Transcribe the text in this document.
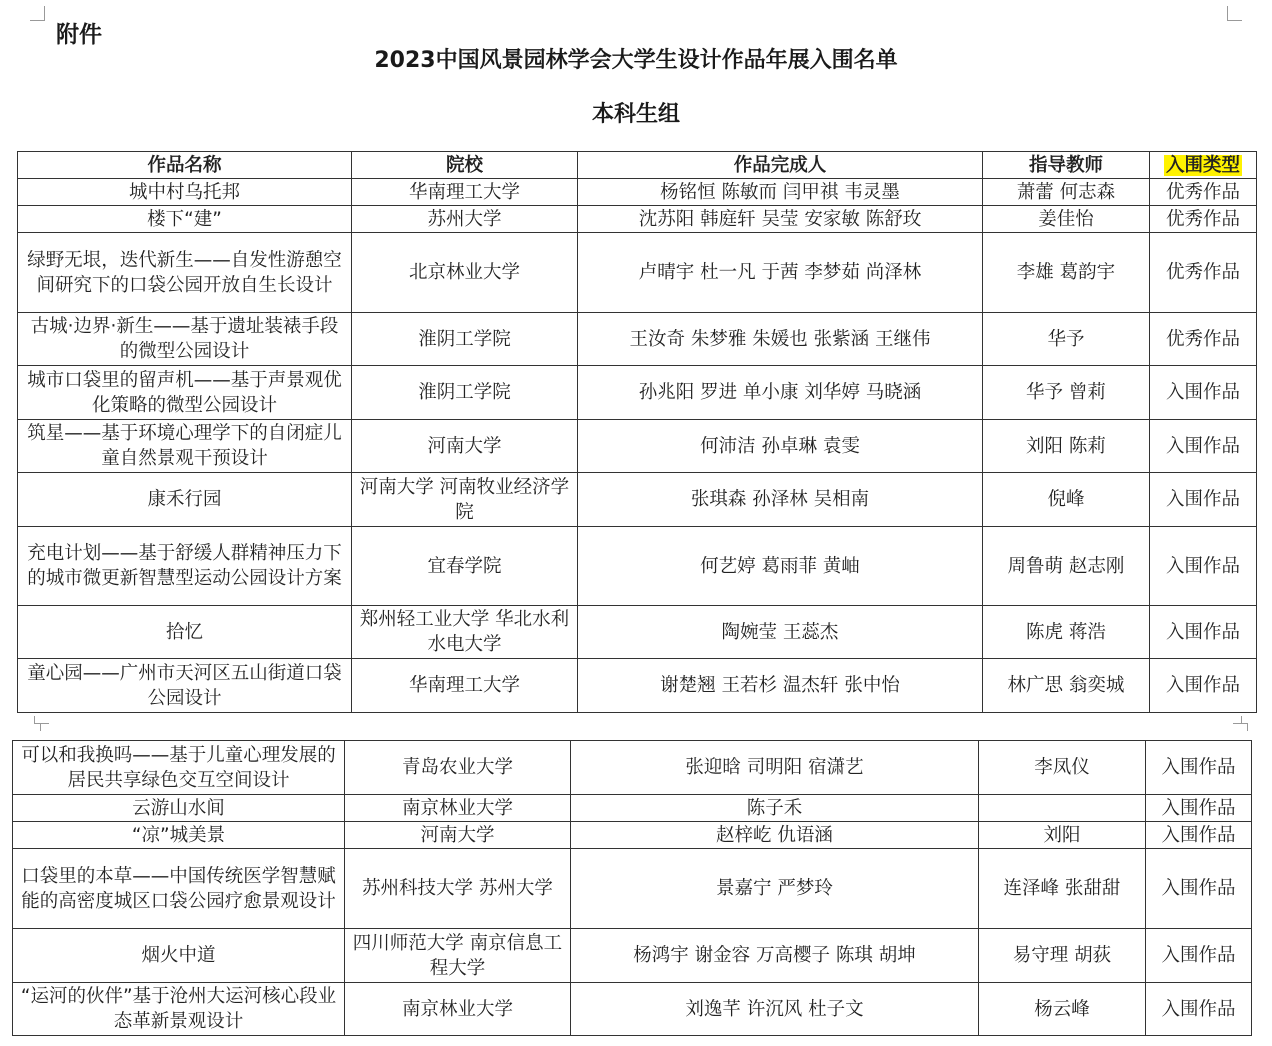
附件
2023中国风景园林学会大学生设计作品年展入围名单
本科生组
作品名称	院校	作品完成人	指导教师	入围类型
城中村乌托邦	华南理工大学	杨铭恒 陈敏而 闫甲祺 韦灵墨	萧蕾 何志森	优秀作品
楼下“建”	苏州大学	沈苏阳 韩庭轩 吴莹 安家敏 陈舒玫	姜佳怡	优秀作品
绿野无垠，迭代新生——自发性游憩空间研究下的口袋公园开放自生长设计	北京林业大学	卢晴宇 杜一凡 于茜 李梦茹 尚泽林	李雄 葛韵宇	优秀作品
古城·边界·新生——基于遗址装裱手段的微型公园设计	淮阴工学院	王汝奇 朱梦雅 朱媛也 张紫涵 王继伟	华予	优秀作品
城市口袋里的留声机——基于声景观优化策略的微型公园设计	淮阴工学院	孙兆阳 罗进 单小康 刘华婷 马晓涵	华予 曾莉	入围作品
筑星——基于环境心理学下的自闭症儿童自然景观干预设计	河南大学	何沛洁 孙卓琳 袁雯	刘阳 陈莉	入围作品
康禾行园	河南大学 河南牧业经济学院	张琪森 孙泽林 吴相南	倪峰	入围作品
充电计划——基于舒缓人群精神压力下的城市微更新智慧型运动公园设计方案	宜春学院	何艺婷 葛雨菲 黄岫	周鲁萌 赵志刚	入围作品
拾忆	郑州轻工业大学 华北水利水电大学	陶婉莹 王蕊杰	陈虎 蒋浩	入围作品
童心园——广州市天河区五山街道口袋公园设计	华南理工大学	谢楚翘 王若杉 温杰轩 张中怡	林广思 翁奕城	入围作品
可以和我换吗——基于儿童心理发展的居民共享绿色交互空间设计	青岛农业大学	张迎晗 司明阳 宿潇艺	李凤仪	入围作品
云游山水间	南京林业大学	陈子禾		入围作品
“凉”城美景	河南大学	赵梓屹 仇语涵	刘阳	入围作品
口袋里的本草——中国传统医学智慧赋能的高密度城区口袋公园疗愈景观设计	苏州科技大学 苏州大学	景嘉宁 严梦玲	连泽峰 张甜甜	入围作品
烟火中道	四川师范大学 南京信息工程大学	杨鸿宇 谢金容 万高樱子 陈琪 胡坤	易守理 胡荻	入围作品
“运河的伙伴”基于沧州大运河核心段业态革新景观设计	南京林业大学	刘逸芊 许沉风 杜子文	杨云峰	入围作品
